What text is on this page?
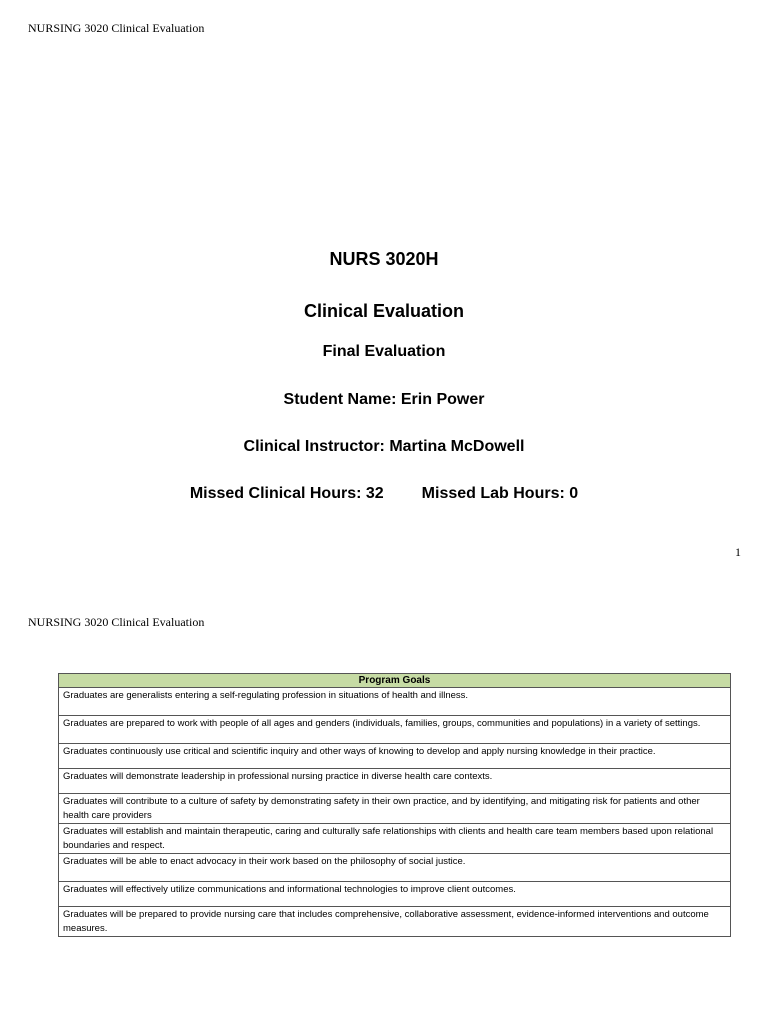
NURSING 3020 Clinical Evaluation
NURS 3020H
Clinical Evaluation
Final Evaluation
Student Name: Erin Power
Clinical Instructor: Martina McDowell
Missed Clinical Hours: 32 Missed Lab Hours: 0
1
NURSING 3020 Clinical Evaluation
Program Goals
Graduates are generalists entering a self-regulating profession in situations of health and illness.
Graduates are prepared to work with people of all ages and genders (individuals, families, groups, communities and populations) in a variety of settings.
Graduates continuously use critical and scientific inquiry and other ways of knowing to develop and apply nursing knowledge in their practice.
Graduates will demonstrate leadership in professional nursing practice in diverse health care contexts.
Graduates will contribute to a culture of safety by demonstrating safety in their own practice, and by identifying, and mitigating risk for patients and other health care providers
Graduates will establish and maintain therapeutic, caring and culturally safe relationships with clients and health care team members based upon relational boundaries and respect.
Graduates will be able to enact advocacy in their work based on the philosophy of social justice.
Graduates will effectively utilize communications and informational technologies to improve client outcomes.
Graduates will be prepared to provide nursing care that includes comprehensive, collaborative assessment, evidence-informed interventions and outcome measures.
